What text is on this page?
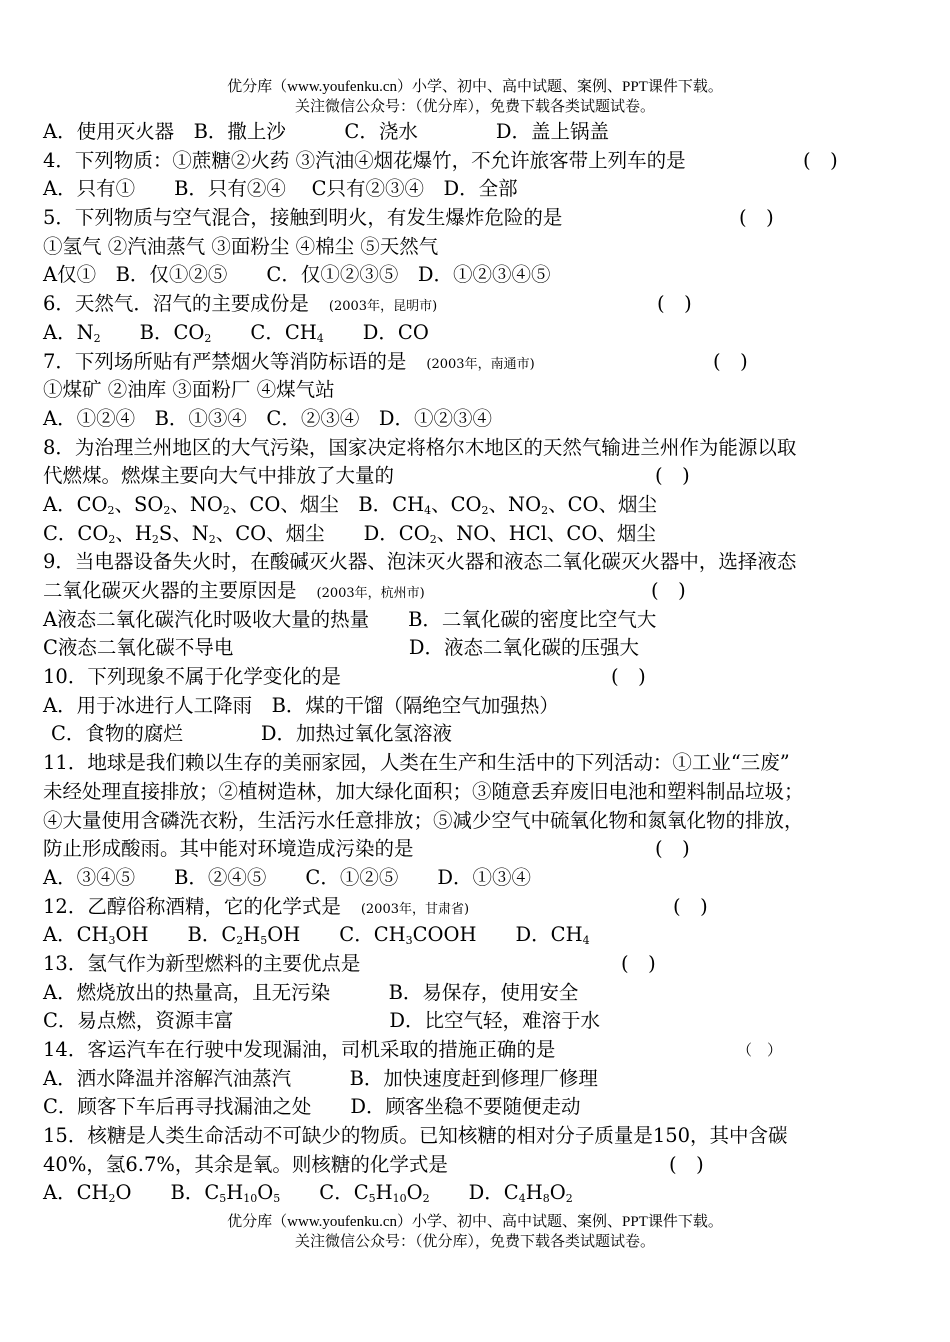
优分库（www.youfenku.cn）小学、初中、高中试题、案例、PPT课件下载。
关注微信公众号：（优分库），免费下载各类试题试卷。
A．使用灭火器　B．撒上沙　　　C．浇水　　　　D．盖上锅盖
4．下列物质：①蔗糖②火药 ③汽油④烟花爆竹，不允许旅客带上列车的是	(　)
A．只有①　　B．只有②④　 C只有②③④　D．全部
5．下列物质与空气混合，接触到明火，有发生爆炸危险的是	(　)
①氢气 ②汽油蒸气 ③面粉尘 ④棉尘 ⑤天然气
A仅①　B．仅①②⑤　　C．仅①②③⑤　D．①②③④⑤
6．天然气．沼气的主要成份是 (2003年，昆明市)	(　)
A．$N_2$　　B．$CO_2$　　C．$CH_4$　　D．CO
7．下列场所贴有严禁烟火等消防标语的是 (2003年，南通市)	(　)
①煤矿 ②油库 ③面粉厂 ④煤气站
A．①②④　B．①③④　C．②③④　D．①②③④
8．为治理兰州地区的大气污染，国家决定将格尔木地区的天然气输进兰州作为能源以取
代燃煤。燃煤主要向大气中排放了大量的	(　)
A．$CO_2$、$SO_2$、$NO_2$、CO、烟尘　B．$CH_4$、$CO_2$、$NO_2$、CO、烟尘
C．$CO_2$、$H_2S$、$N_2$、CO、烟尘　　D．$CO_2$、NO、HCl、CO、烟尘
9．当电器设备失火时，在酸碱灭火器、泡沫灭火器和液态二氧化碳灭火器中，选择液态
二氧化碳灭火器的主要原因是 (2003年，杭州市)	(　)
A液态二氧化碳汽化时吸收大量的热量　　B．二氧化碳的密度比空气大
C液态二氧化碳不导电　　　　　　　　　D．液态二氧化碳的压强大
10．下列现象不属于化学变化的是	(　)
A．用于冰进行人工降雨　B．煤的干馏（隔绝空气加强热）
C．食物的腐烂　　　　D．加热过氧化氢溶液
11．地球是我们赖以生存的美丽家园，人类在生产和生活中的下列活动：①工业“三废”
未经处理直接排放；②植树造林，加大绿化面积；③随意丢弃废旧电池和塑料制品垃圾；
④大量使用含磷洗衣粉，生活污水任意排放；⑤减少空气中硫氧化物和氮氧化物的排放，
防止形成酸雨。其中能对环境造成污染的是	(　)
A．③④⑤　　B．②④⑤　　C．①②⑤　　D．①③④
12．乙醇俗称酒精，它的化学式是 (2003年，甘肃省)	(　)
A．$CH_3OH$　　B．$C_2H_5OH$　　C．$CH_3COOH$　　D．$CH_4$
13．氢气作为新型燃料的主要优点是	(　)
A．燃烧放出的热量高，且无污染　　　B．易保存，使用安全
C．易点燃，资源丰富　　　　　　　　D．比空气轻，难溶于水
14．客运汽车在行驶中发现漏油，司机采取的措施正确的是	（　）
A．洒水降温并溶解汽油蒸汽　　　B．加快速度赶到修理厂修理
C．顾客下车后再寻找漏油之处　　D．顾客坐稳不要随便走动
15．核糖是人类生命活动不可缺少的物质。已知核糖的相对分子质量是150，其中含碳
40%，氢6.7%，其余是氧。则核糖的化学式是	(　)
A．$CH_2O$　　B．$C_5H_{10}O_5$　　C．$C_5H_{10}O_2$　　D．$C_4H_8O_2$
优分库（www.youfenku.cn）小学、初中、高中试题、案例、PPT课件下载。
关注微信公众号：（优分库），免费下载各类试题试卷。
